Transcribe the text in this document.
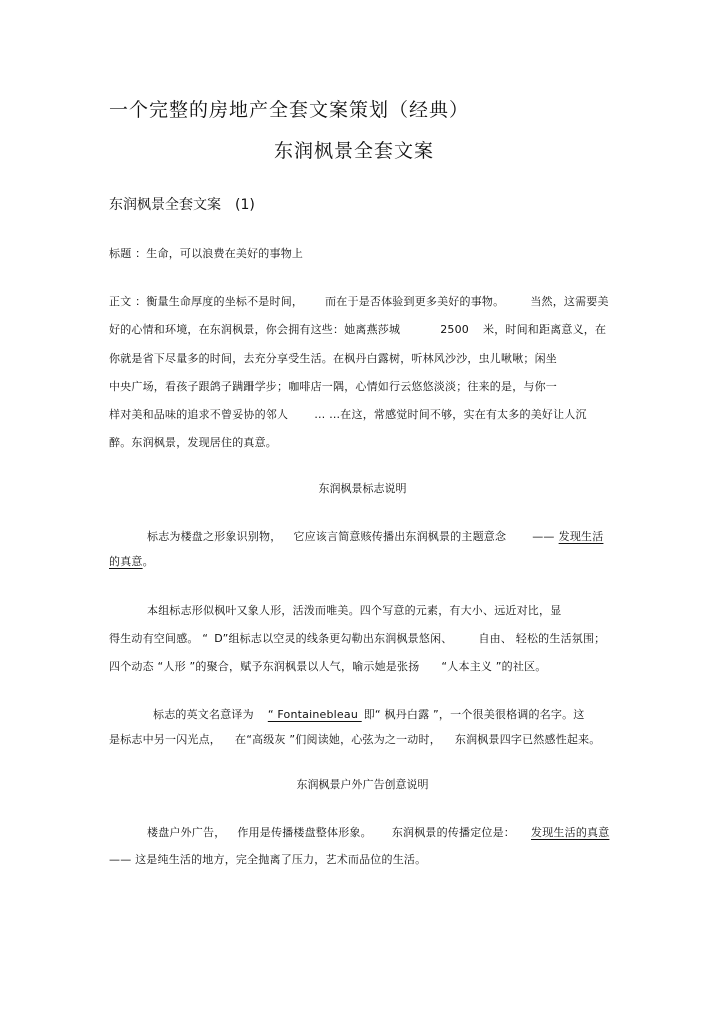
一个完整的房地产全套文案策划（经典）
东润枫景全套文案
东润枫景全套文案 (1)
标题 ：生命，可以浪费在美好的事物上
正文 ：衡量生命厚度的坐标不是时间， 而在于是否体验到更多美好的事物。 当然，这需要美
好的心情和环境，在东润枫景，你会拥有这些：她离燕莎城	2500 米，时间和距离意义，在
你就是省下尽量多的时间，去充分享受生活。在枫丹白露树，听林风沙沙，虫儿啾啾；闲坐
中央广场，看孩子跟鸽子蹒跚学步；咖啡店一隅，心情如行云悠悠淡淡；往来的是，与你一
样对美和品味的追求不曾妥协的邻人 … …在这，常感觉时间不够，实在有太多的美好让人沉
醉。东润枫景，发现居住的真意。
东润枫景标志说明
标志为楼盘之形象识别物， 它应该言简意赅传播出东润枫景的主题意念 —— 发现生活
的真意。
本组标志形似枫叶又象人形，活泼而唯美。四个写意的元素，有大小、远近对比，显
得生动有空间感。 “ D”组标志以空灵的线条更勾勒出东润枫景悠闲、 自由、 轻松的生活氛围；
四个动态 “人形 ”的聚合，赋予东润枫景以人气，喻示她是张扬 “人本主义 ”的社区。
标志的英文名意译为 “ Fontainebleau 即“ 枫丹白露 ”，一个很美很格调的名字。这
是标志中另一闪光点， 在“高级灰 ”们阅读她，心弦为之一动时， 东润枫景四字已然感性起来。
东润枫景户外广告创意说明
楼盘户外广告， 作用是传播楼盘整体形象。 东润枫景的传播定位是： 发现生活的真意
—— 这是纯生活的地方，完全抛离了压力，艺术而品位的生活。
